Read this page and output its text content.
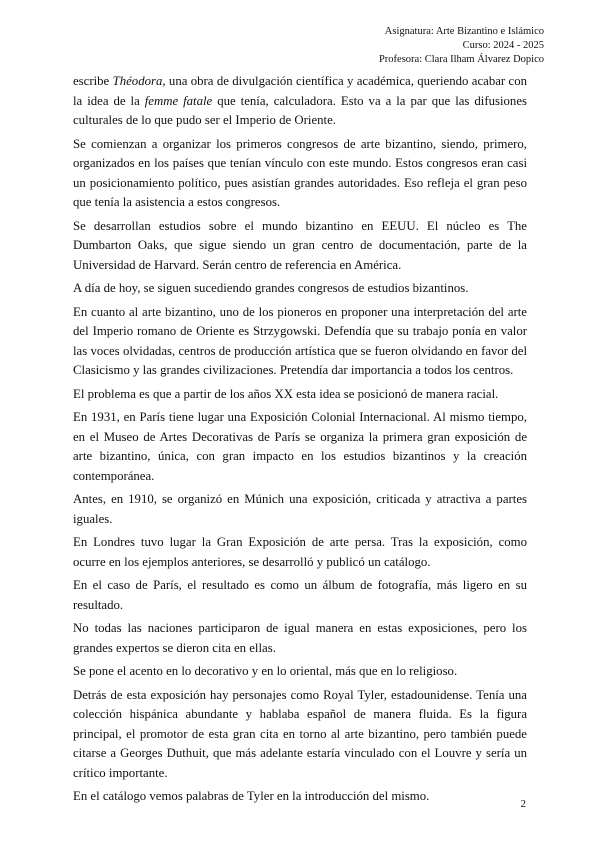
Asignatura: Arte Bizantino e Islámico
Curso: 2024 - 2025
Profesora: Clara Ilham Álvarez Dopico

escribe Théodora, una obra de divulgación científica y académica, queriendo acabar con la idea de la femme fatale que tenía, calculadora. Esto va a la par que las difusiones culturales de lo que pudo ser el Imperio de Oriente.

Se comienzan a organizar los primeros congresos de arte bizantino, siendo, primero, organizados en los países que tenían vínculo con este mundo. Estos congresos eran casi un posicionamiento político, pues asistían grandes autoridades. Eso refleja el gran peso que tenía la asistencia a estos congresos.

Se desarrollan estudios sobre el mundo bizantino en EEUU. El núcleo es The Dumbarton Oaks, que sigue siendo un gran centro de documentación, parte de la Universidad de Harvard. Serán centro de referencia en América.

A día de hoy, se siguen sucediendo grandes congresos de estudios bizantinos.

En cuanto al arte bizantino, uno de los pioneros en proponer una interpretación del arte del Imperio romano de Oriente es Strzygowski. Defendía que su trabajo ponía en valor las voces olvidadas, centros de producción artística que se fueron olvidando en favor del Clasicismo y las grandes civilizaciones. Pretendía dar importancia a todos los centros.

El problema es que a partir de los años XX esta idea se posicionó de manera racial.

En 1931, en París tiene lugar una Exposición Colonial Internacional. Al mismo tiempo, en el Museo de Artes Decorativas de París se organiza la primera gran exposición de arte bizantino, única, con gran impacto en los estudios bizantinos y la creación contemporánea.

Antes, en 1910, se organizó en Múnich una exposición, criticada y atractiva a partes iguales.

En Londres tuvo lugar la Gran Exposición de arte persa. Tras la exposición, como ocurre en los ejemplos anteriores, se desarrolló y publicó un catálogo.

En el caso de París, el resultado es como un álbum de fotografía, más ligero en su resultado.

No todas las naciones participaron de igual manera en estas exposiciones, pero los grandes expertos se dieron cita en ellas.

Se pone el acento en lo decorativo y en lo oriental, más que en lo religioso.

Detrás de esta exposición hay personajes como Royal Tyler, estadounidense. Tenía una colección hispánica abundante y hablaba español de manera fluida. Es la figura principal, el promotor de esta gran cita en torno al arte bizantino, pero también puede citarse a Georges Duthuit, que más adelante estaría vinculado con el Louvre y sería un crítico importante.

En el catálogo vemos palabras de Tyler en la introducción del mismo.

2
